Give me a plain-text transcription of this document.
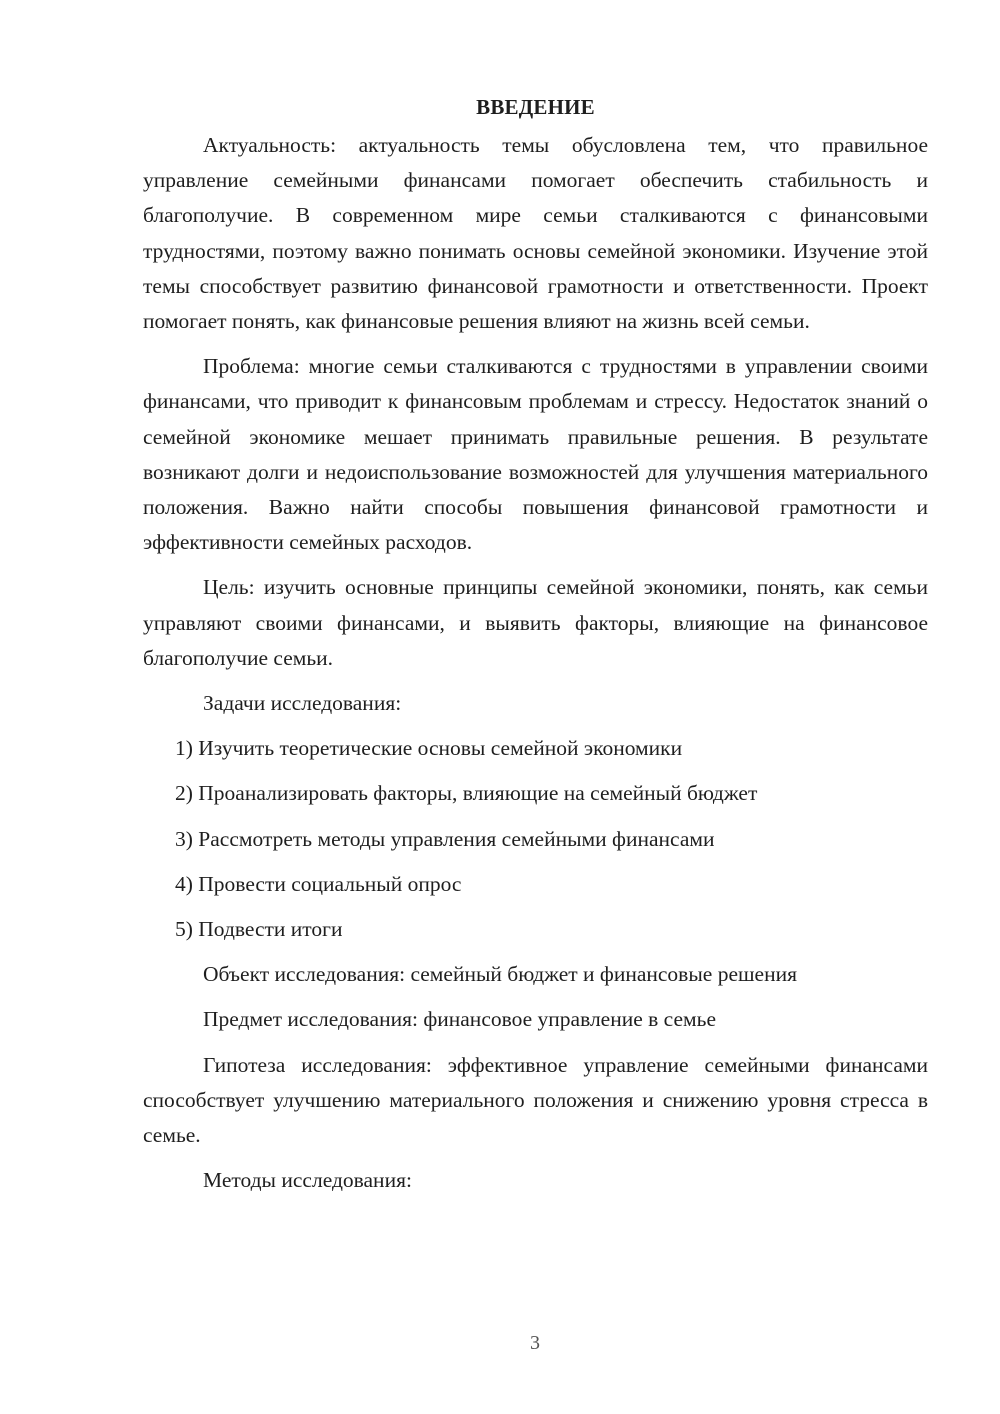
ВВЕДЕНИЕ

Актуальность: актуальность темы обусловлена тем, что правильное управление семейными финансами помогает обеспечить стабильность и благополучие. В современном мире семьи сталкиваются с финансовыми трудностями, поэтому важно понимать основы семейной экономики. Изучение этой темы способствует развитию финансовой грамотности и ответственности. Проект помогает понять, как финансовые решения влияют на жизнь всей семьи.

Проблема: многие семьи сталкиваются с трудностями в управлении своими финансами, что приводит к финансовым проблемам и стрессу. Недостаток знаний о семейной экономике мешает принимать правильные решения. В результате возникают долги и недоиспользование возможностей для улучшения материального положения. Важно найти способы повышения финансовой грамотности и эффективности семейных расходов.

Цель: изучить основные принципы семейной экономики, понять, как семьи управляют своими финансами, и выявить факторы, влияющие на финансовое благополучие семьи.

Задачи исследования:

1) Изучить теоретические основы семейной экономики

2) Проанализировать факторы, влияющие на семейный бюджет

3) Рассмотреть методы управления семейными финансами

4) Провести социальный опрос

5) Подвести итоги

Объект исследования: семейный бюджет и финансовые решения

Предмет исследования: финансовое управление в семье

Гипотеза исследования: эффективное управление семейными финансами способствует улучшению материального положения и снижению уровня стресса в семье.

Методы исследования:

3
